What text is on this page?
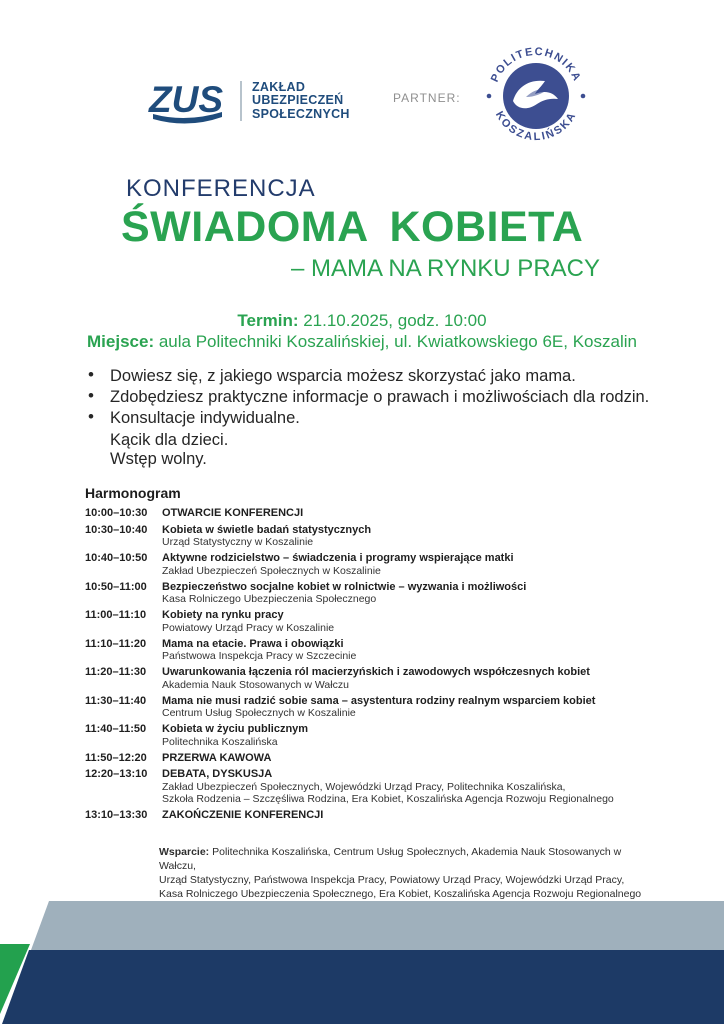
ZUS ZAKŁAD
UBEZPIECZEŃ
SPOŁECZNYCH
PARTNER:
POLITECHNIKA
KOSZALIŃSKA
KONFERENCJA
ŚWIADOMA KOBIETA
– MAMA NA RYNKU PRACY
Termin: 21.10.2025, godz. 10:00
Miejsce: aula Politechniki Koszalińskiej, ul. Kwiatkowskiego 6E, Koszalin
• Dowiesz się, z jakiego wsparcia możesz skorzystać jako mama.
• Zdobędziesz praktyczne informacje o prawach i możliwościach dla rodzin.
• Konsultacje indywidualne.
Kącik dla dzieci.
Wstęp wolny.
Harmonogram
10:00–10:30	OTWARCIE KONFERENCJI
10:30–10:40	Kobieta w świetle badań statystycznych
Urząd Statystyczny w Koszalinie
10:40–10:50	Aktywne rodzicielstwo – świadczenia i programy wspierające matki
Zakład Ubezpieczeń Społecznych w Koszalinie
10:50–11:00	Bezpieczeństwo socjalne kobiet w rolnictwie – wyzwania i możliwości
Kasa Rolniczego Ubezpieczenia Społecznego
11:00–11:10	Kobiety na rynku pracy
Powiatowy Urząd Pracy w Koszalinie
11:10–11:20	Mama na etacie. Prawa i obowiązki
Państwowa Inspekcja Pracy w Szczecinie
11:20–11:30	Uwarunkowania łączenia ról macierzyńskich i zawodowych współczesnych kobiet
Akademia Nauk Stosowanych w Wałczu
11:30–11:40	Mama nie musi radzić sobie sama – asystentura rodziny realnym wsparciem kobiet
Centrum Usług Społecznych w Koszalinie
11:40–11:50	Kobieta w życiu publicznym
Politechnika Koszalińska
11:50–12:20	PRZERWA KAWOWA
12:20–13:10	DEBATA, DYSKUSJA
Zakład Ubezpieczeń Społecznych, Wojewódzki Urząd Pracy, Politechnika Koszalińska,
Szkoła Rodzenia – Szczęśliwa Rodzina, Era Kobiet, Koszalińska Agencja Rozwoju Regionalnego
13:10–13:30	ZAKOŃCZENIE KONFERENCJI
Wsparcie: Politechnika Koszalińska, Centrum Usług Społecznych, Akademia Nauk Stosowanych w Wałczu,
Urząd Statystyczny, Państwowa Inspekcja Pracy, Powiatowy Urząd Pracy, Wojewódzki Urząd Pracy,
Kasa Rolniczego Ubezpieczenia Społecznego, Era Kobiet, Koszalińska Agencja Rozwoju Regionalnego
